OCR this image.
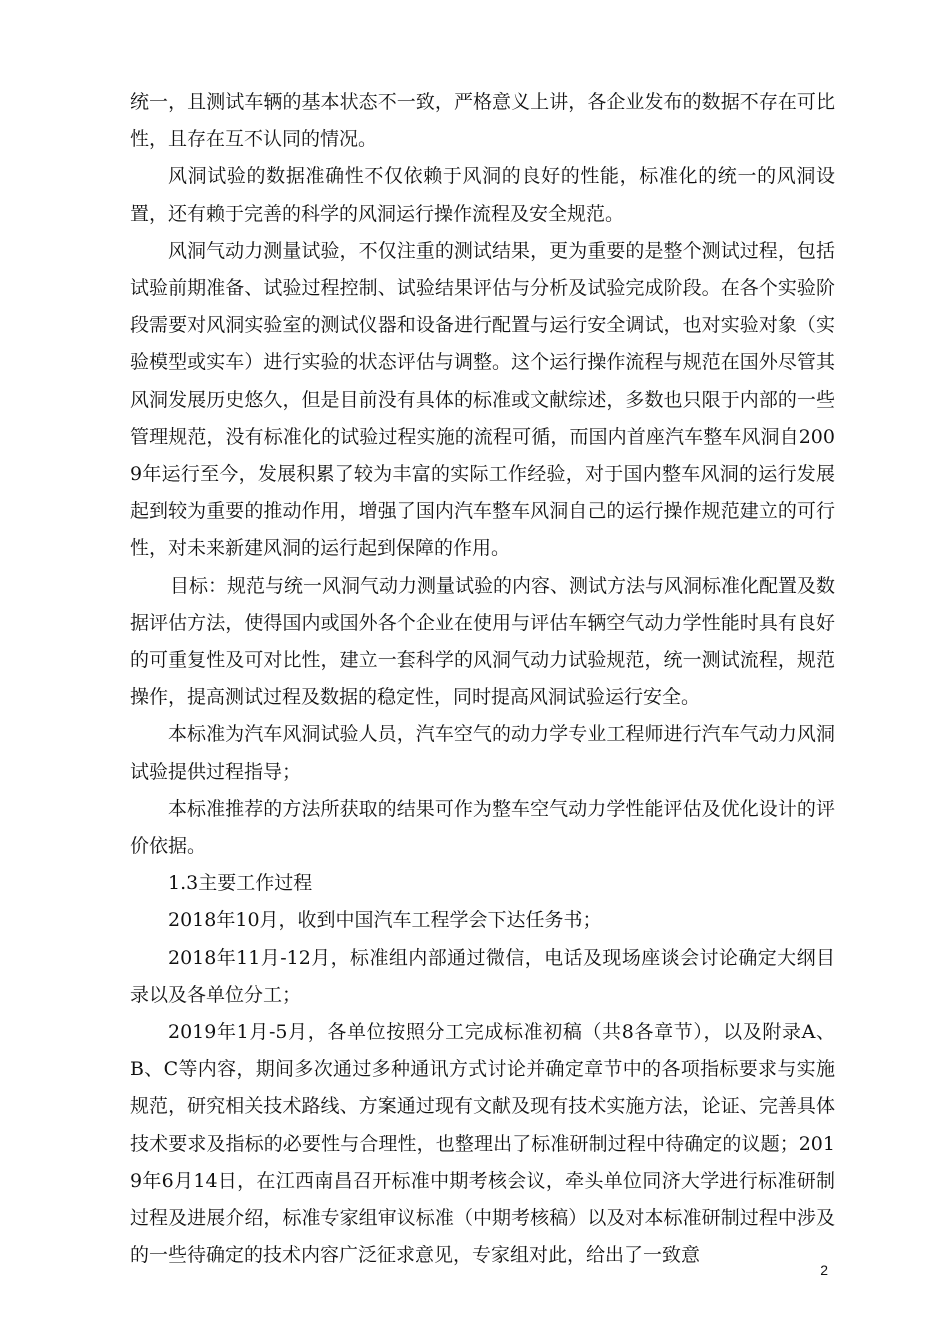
统一，且测试车辆的基本状态不一致，严格意义上讲，各企业发布的数据不存在可比性，且存在互不认同的情况。

风洞试验的数据准确性不仅依赖于风洞的良好的性能，标准化的统一的风洞设置，还有赖于完善的科学的风洞运行操作流程及安全规范。

风洞气动力测量试验，不仅注重的测试结果，更为重要的是整个测试过程，包括试验前期准备、试验过程控制、试验结果评估与分析及试验完成阶段。在各个实验阶段需要对风洞实验室的测试仪器和设备进行配置与运行安全调试，也对实验对象（实验模型或实车）进行实验的状态评估与调整。这个运行操作流程与规范在国外尽管其风洞发展历史悠久，但是目前没有具体的标准或文献综述，多数也只限于内部的一些管理规范，没有标准化的试验过程实施的流程可循，而国内首座汽车整车风洞自2009年运行至今，发展积累了较为丰富的实际工作经验，对于国内整车风洞的运行发展起到较为重要的推动作用，增强了国内汽车整车风洞自己的运行操作规范建立的可行性，对未来新建风洞的运行起到保障的作用。

目标：规范与统一风洞气动力测量试验的内容、测试方法与风洞标准化配置及数据评估方法，使得国内或国外各个企业在使用与评估车辆空气动力学性能时具有良好的可重复性及可对比性，建立一套科学的风洞气动力试验规范，统一测试流程，规范操作，提高测试过程及数据的稳定性，同时提高风洞试验运行安全。

本标准为汽车风洞试验人员，汽车空气的动力学专业工程师进行汽车气动力风洞试验提供过程指导；

本标准推荐的方法所获取的结果可作为整车空气动力学性能评估及优化设计的评价依据。

1.3主要工作过程

2018年10月，收到中国汽车工程学会下达任务书；

2018年11月-12月，标准组内部通过微信，电话及现场座谈会讨论确定大纲目录以及各单位分工；

2019年1月-5月，各单位按照分工完成标准初稿（共8各章节），以及附录A、B、C等内容，期间多次通过多种通讯方式讨论并确定章节中的各项指标要求与实施规范，研究相关技术路线、方案通过现有文献及现有技术实施方法，论证、完善具体技术要求及指标的必要性与合理性，也整理出了标准研制过程中待确定的议题；2019年6月14日，在江西南昌召开标准中期考核会议，牵头单位同济大学进行标准研制过程及进展介绍，标准专家组审议标准（中期考核稿）以及对本标准研制过程中涉及的一些待确定的技术内容广泛征求意见，专家组对此，给出了一致意

2
